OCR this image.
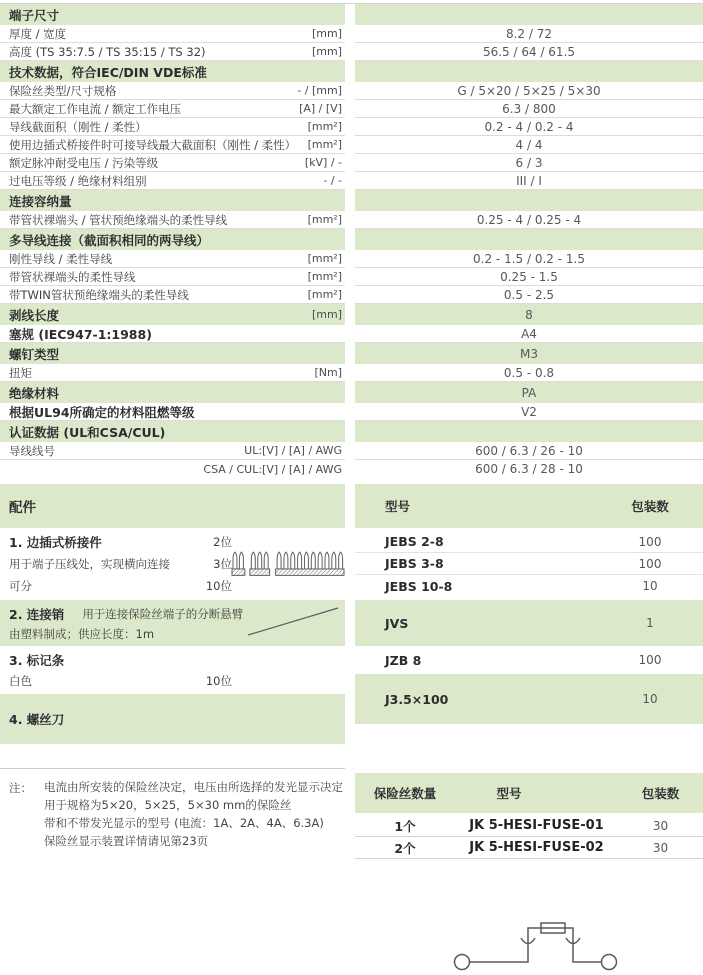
端子尺寸
厚度 / 宽度	[mm]	8.2 / 72
高度 (TS 35:7.5 / TS 35:15 / TS 32)	[mm]	56.5 / 64 / 61.5
技术数据，符合IEC/DIN VDE标准
保险丝类型/尺寸规格	- / [mm]	G / 5×20 / 5×25 / 5×30
最大额定工作电流 / 额定工作电压	[A] / [V]	6.3 / 800
导线截面积（刚性 / 柔性）	[mm²]	0.2 - 4 / 0.2 - 4
使用边插式桥接件时可接导线最大截面积（刚性 / 柔性） [mm²]	4 / 4
额定脉冲耐受电压 / 污染等级	[kV] / -	6 / 3
过电压等级 / 绝缘材料组别	- / -	III / I
连接容纳量
带管状裸端头 / 管状预绝缘端头的柔性导线	[mm²]	0.25 - 4 / 0.25 - 4
多导线连接（截面积相同的两导线）
刚性导线 / 柔性导线	[mm²]	0.2 - 1.5 / 0.2 - 1.5
带管状裸端头的柔性导线	[mm²]	0.25 - 1.5
带TWIN管状预绝缘端头的柔性导线	[mm²]	0.5 - 2.5
剥线长度	[mm]	8
塞规 (IEC947-1:1988)	A4
螺钉类型	M3
扭矩	[Nm]	0.5 - 0.8
绝缘材料	PA
根据UL94所确定的材料阻燃等级	V2
认证数据 (UL和CSA/CUL)
导线线号	UL:[V] / [A] / AWG	600 / 6.3 / 26 - 10
CSA / CUL:[V] / [A] / AWG	600 / 6.3 / 28 - 10
配件
1. 边插式桥接件	2位
用于端子压线处，实现横向连接	3位
可分	10位
2. 连接销 用于连接保险丝端子的分断悬臂
由塑料制成；供应长度：1m
3. 标记条
白色	10位
4. 螺丝刀
型号	包装数
JEBS 2-8	100
JEBS 3-8	100
JEBS 10-8	10
JVS	1
JZB 8	100
J3.5×100	10
注： 电流由所安装的保险丝决定，电压由所选择的发光显示决定
用于规格为5×20，5×25，5×30 mm的保险丝
带和不带发光显示的型号 (电流：1A、2A、4A、6.3A)
保险丝显示装置详情请见第23页
保险丝数量	型号	包装数
1个	JK 5-HESI-FUSE-01	30
2个	JK 5-HESI-FUSE-02	30
